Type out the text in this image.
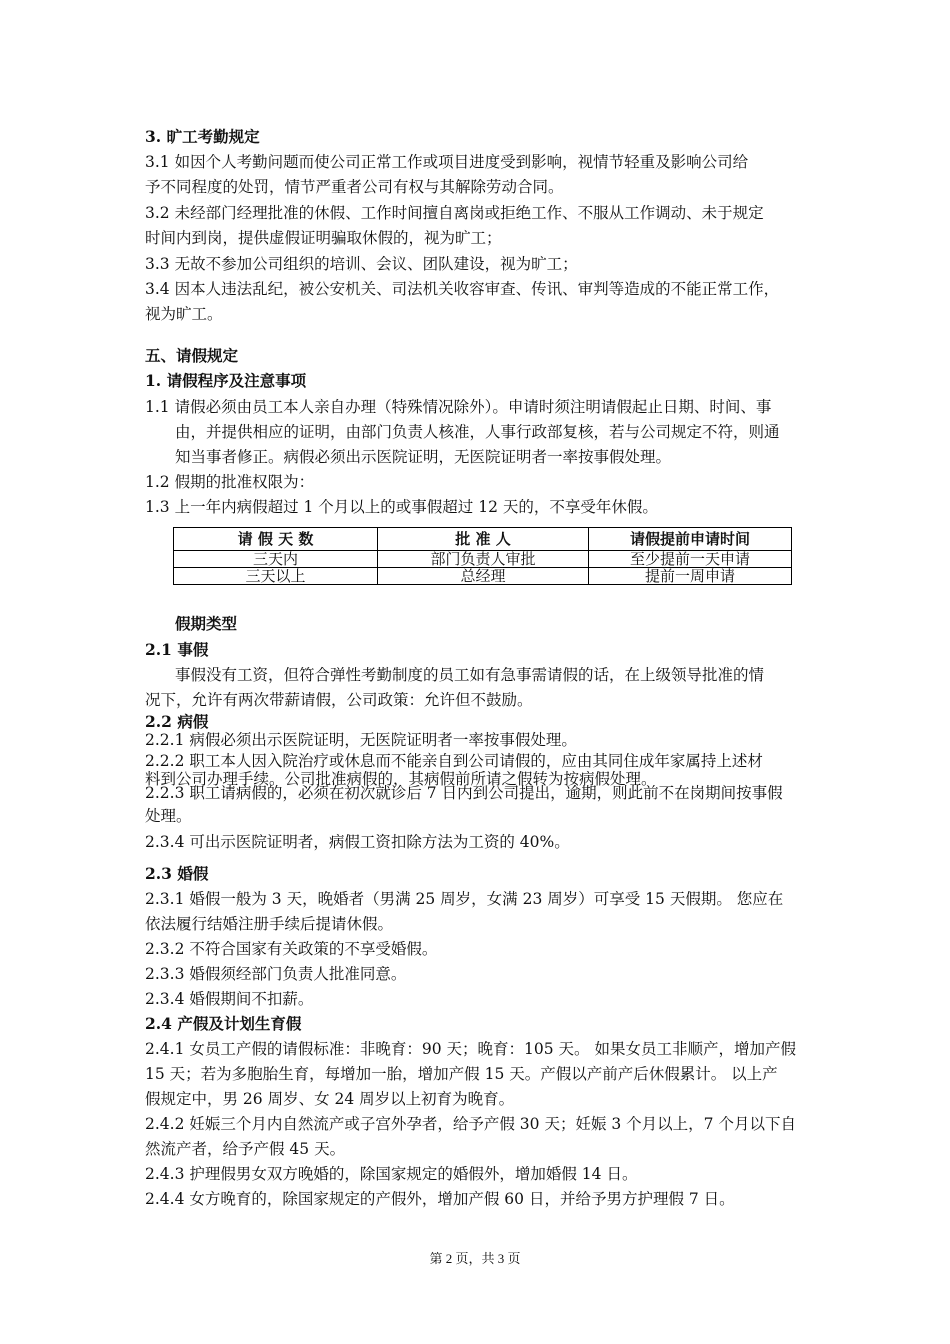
3. 旷工考勤规定
3.1 如因个人考勤问题而使公司正常工作或项目进度受到影响，视情节轻重及影响公司给
予不同程度的处罚，情节严重者公司有权与其解除劳动合同。
3.2 未经部门经理批准的休假、工作时间擅自离岗或拒绝工作、不服从工作调动、未于规定
时间内到岗，提供虚假证明骗取休假的，视为旷工；
3.3 无故不参加公司组织的培训、会议、团队建设，视为旷工；
3.4 因本人违法乱纪，被公安机关、司法机关收容审查、传讯、审判等造成的不能正常工作，
视为旷工。
五、请假规定
1. 请假程序及注意事项
1.1 请假必须由员工本人亲自办理（特殊情况除外）。申请时须注明请假起止日期、时间、事
由，并提供相应的证明，由部门负责人核准，人事行政部复核，若与公司规定不符，则通
知当事者修正。病假必须出示医院证明，无医院证明者一率按事假处理。
1.2 假期的批准权限为：
1.3 上一年内病假超过 1 个月以上的或事假超过 12 天的，不享受年休假。
请 假 天 数	批 准 人	请假提前申请时间
三天内	部门负责人审批	至少提前一天申请
三天以上	总经理	提前一周申请
假期类型
2.1 事假
事假没有工资，但符合弹性考勤制度的员工如有急事需请假的话，在上级领导批准的情
况下，允许有两次带薪请假，公司政策：允许但不鼓励。
2.2 病假
2.2.1 病假必须出示医院证明，无医院证明者一率按事假处理。
2.2.2 职工本人因入院治疗或休息而不能亲自到公司请假的，应由其同住成年家属持上述材
料到公司办理手续。公司批准病假的，其病假前所请之假转为按病假处理。
2.2.3 职工请病假的，必须在初次就诊后 7 日内到公司提出，逾期，则此前不在岗期间按事假
处理。
2.3.4 可出示医院证明者，病假工资扣除方法为工资的 40%。
2.3 婚假
2.3.1 婚假一般为 3 天，晚婚者（男满 25 周岁，女满 23 周岁）可享受 15 天假期。 您应在
依法履行结婚注册手续后提请休假。
2.3.2 不符合国家有关政策的不享受婚假。
2.3.3 婚假须经部门负责人批准同意。
2.3.4 婚假期间不扣薪。
2.4 产假及计划生育假
2.4.1 女员工产假的请假标准：非晚育：90 天；晚育：105 天。 如果女员工非顺产，增加产假
15 天；若为多胞胎生育，每增加一胎，增加产假 15 天。产假以产前产后休假累计。 以上产
假规定中，男 26 周岁、女 24 周岁以上初育为晚育。
2.4.2 妊娠三个月内自然流产或子宫外孕者，给予产假 30 天；妊娠 3 个月以上，7 个月以下自
然流产者，给予产假 45 天。
2.4.3 护理假男女双方晚婚的，除国家规定的婚假外，增加婚假 14 日。
2.4.4 女方晚育的，除国家规定的产假外，增加产假 60 日，并给予男方护理假 7 日。
第 2 页，共 3 页
